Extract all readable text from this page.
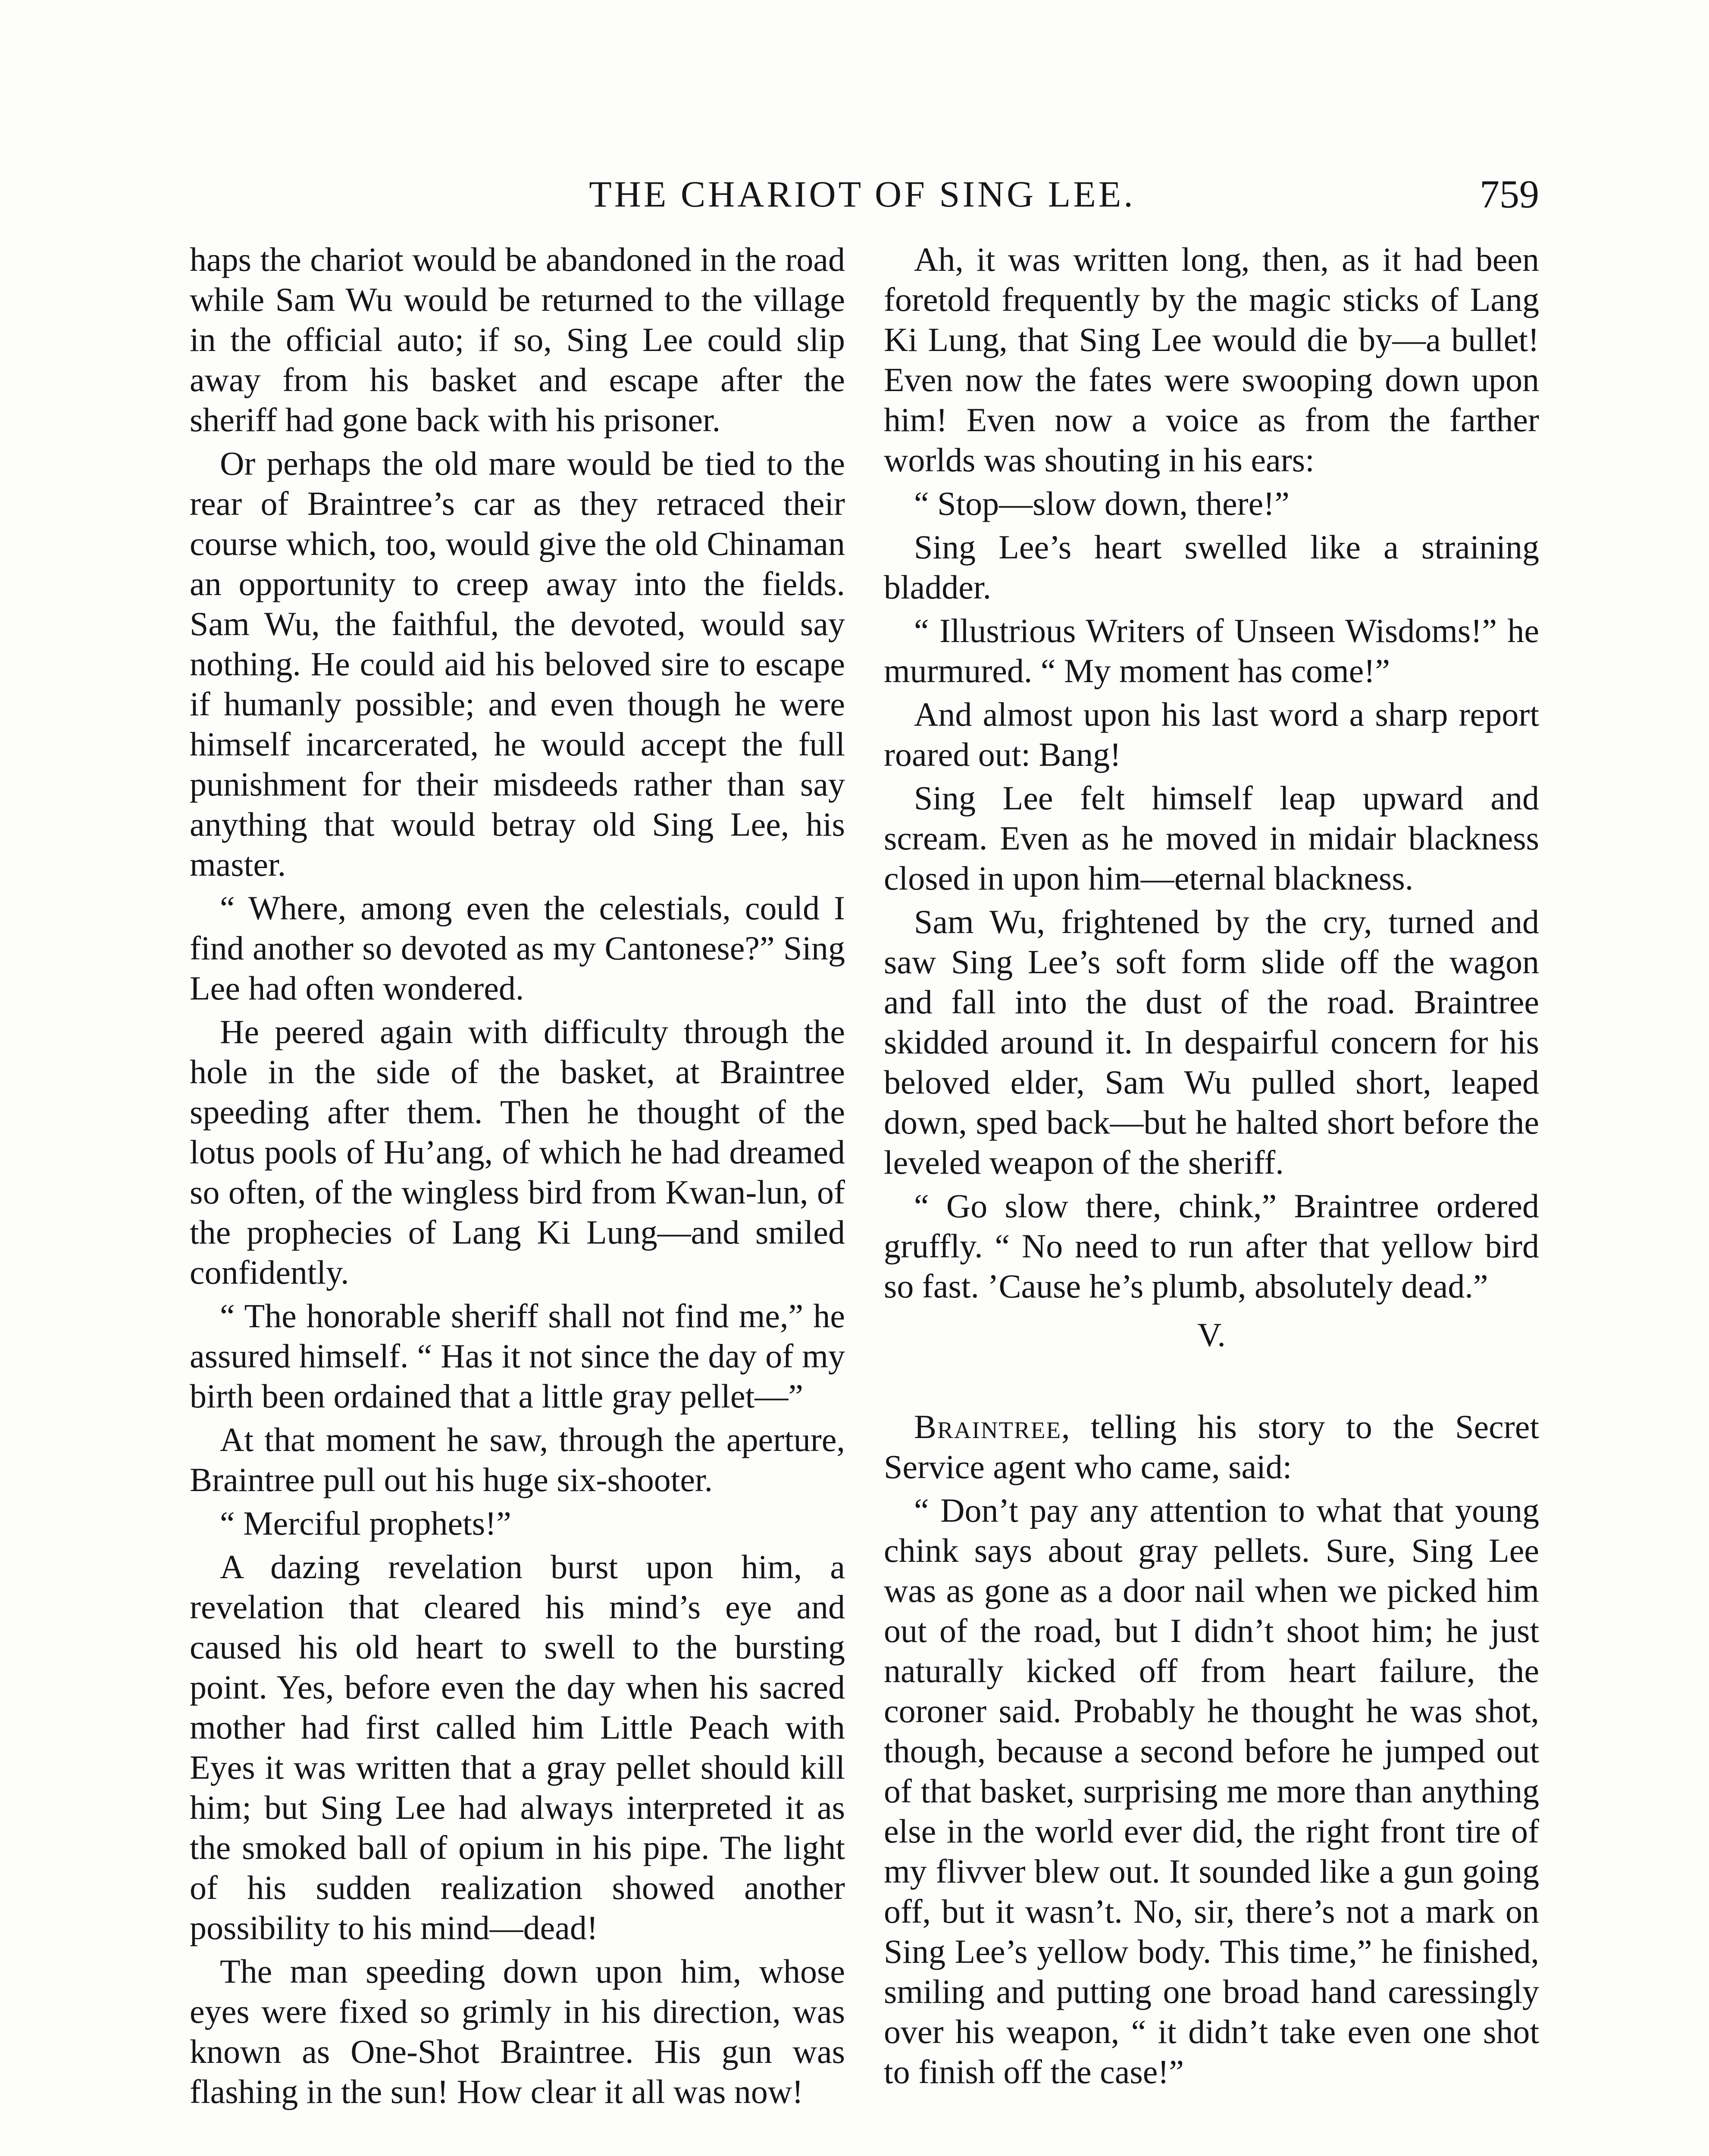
THE CHARIOT OF SING LEE.	759

haps the chariot would be abandoned in the road while Sam Wu would be returned to the village in the official auto; if so, Sing Lee could slip away from his basket and escape after the sheriff had gone back with his prisoner.

Or perhaps the old mare would be tied to the rear of Braintree’s car as they retraced their course which, too, would give the old Chinaman an opportunity to creep away into the fields. Sam Wu, the faithful, the devoted, would say nothing. He could aid his beloved sire to escape if humanly possible; and even though he were himself incarcerated, he would accept the full punishment for their misdeeds rather than say anything that would betray old Sing Lee, his master.

“ Where, among even the celestials, could I find another so devoted as my Cantonese?” Sing Lee had often wondered.

He peered again with difficulty through the hole in the side of the basket, at Braintree speeding after them. Then he thought of the lotus pools of Hu’ang, of which he had dreamed so often, of the wingless bird from Kwan-lun, of the prophecies of Lang Ki Lung—and smiled confidently.

“ The honorable sheriff shall not find me,” he assured himself. “ Has it not since the day of my birth been ordained that a little gray pellet—”

At that moment he saw, through the aperture, Braintree pull out his huge six-shooter.

“ Merciful prophets!”

A dazing revelation burst upon him, a revelation that cleared his mind’s eye and caused his old heart to swell to the bursting point. Yes, before even the day when his sacred mother had first called him Little Peach with Eyes it was written that a gray pellet should kill him; but Sing Lee had always interpreted it as the smoked ball of opium in his pipe. The light of his sudden realization showed another possibility to his mind—dead!

The man speeding down upon him, whose eyes were fixed so grimly in his direction, was known as One-Shot Braintree. His gun was flashing in the sun! How clear it all was now!

Ah, it was written long, then, as it had been foretold frequently by the magic sticks of Lang Ki Lung, that Sing Lee would die by—a bullet! Even now the fates were swooping down upon him! Even now a voice as from the farther worlds was shouting in his ears:

“ Stop—slow down, there!”

Sing Lee’s heart swelled like a straining bladder.

“ Illustrious Writers of Unseen Wisdoms!” he murmured. “ My moment has come!”

And almost upon his last word a sharp report roared out: Bang!

Sing Lee felt himself leap upward and scream. Even as he moved in midair blackness closed in upon him—eternal blackness.

Sam Wu, frightened by the cry, turned and saw Sing Lee’s soft form slide off the wagon and fall into the dust of the road. Braintree skidded around it. In despairful concern for his beloved elder, Sam Wu pulled short, leaped down, sped back—but he halted short before the leveled weapon of the sheriff.

“ Go slow there, chink,” Braintree ordered gruffly. “ No need to run after that yellow bird so fast. ’Cause he’s plumb, absolutely dead.”

V.

Braintree, telling his story to the Secret Service agent who came, said:

“ Don’t pay any attention to what that young chink says about gray pellets. Sure, Sing Lee was as gone as a door nail when we picked him out of the road, but I didn’t shoot him; he just naturally kicked off from heart failure, the coroner said. Probably he thought he was shot, though, because a second before he jumped out of that basket, surprising me more than anything else in the world ever did, the right front tire of my flivver blew out. It sounded like a gun going off, but it wasn’t. No, sir, there’s not a mark on Sing Lee’s yellow body. This time,” he finished, smiling and putting one broad hand caressingly over his weapon, “ it didn’t take even one shot to finish off the case!”
